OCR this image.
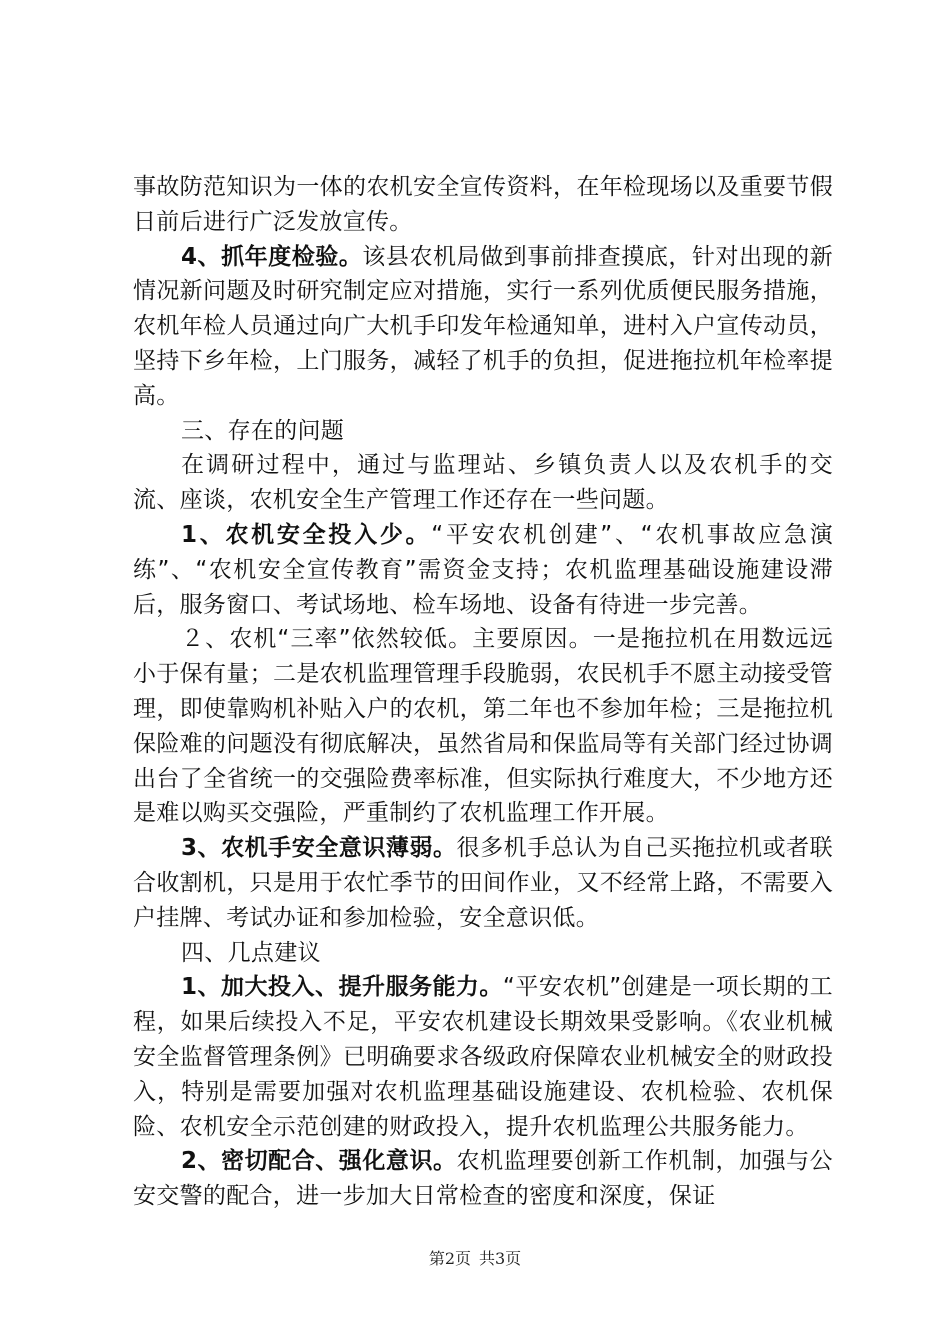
事故防范知识为一体的农机安全宣传资料，在年检现场以及重要节假日前后进行广泛发放宣传。

4、抓年度检验。该县农机局做到事前排查摸底，针对出现的新情况新问题及时研究制定应对措施，实行一系列优质便民服务措施，农机年检人员通过向广大机手印发年检通知单，进村入户宣传动员，坚持下乡年检，上门服务，减轻了机手的负担，促进拖拉机年检率提高。

三、存在的问题

在调研过程中，通过与监理站、乡镇负责人以及农机手的交流、座谈，农机安全生产管理工作还存在一些问题。

1、农机安全投入少。“平安农机创建”、“农机事故应急演练”、“农机安全宣传教育”需资金支持；农机监理基础设施建设滞后，服务窗口、考试场地、检车场地、设备有待进一步完善。

２、农机“三率”依然较低。主要原因。一是拖拉机在用数远远小于保有量；二是农机监理管理手段脆弱，农民机手不愿主动接受管理，即使靠购机补贴入户的农机，第二年也不参加年检；三是拖拉机保险难的问题没有彻底解决，虽然省局和保监局等有关部门经过协调出台了全省统一的交强险费率标准，但实际执行难度大，不少地方还是难以购买交强险，严重制约了农机监理工作开展。

3、农机手安全意识薄弱。很多机手总认为自己买拖拉机或者联合收割机，只是用于农忙季节的田间作业，又不经常上路，不需要入户挂牌、考试办证和参加检验，安全意识低。

四、几点建议

1、加大投入、提升服务能力。“平安农机”创建是一项长期的工程，如果后续投入不足，平安农机建设长期效果受影响。《农业机械安全监督管理条例》已明确要求各级政府保障农业机械安全的财政投入，特别是需要加强对农机监理基础设施建设、农机检验、农机保险、农机安全示范创建的财政投入，提升农机监理公共服务能力。

2、密切配合、强化意识。农机监理要创新工作机制，加强与公安交警的配合，进一步加大日常检查的密度和深度，保证

第2页 共3页
